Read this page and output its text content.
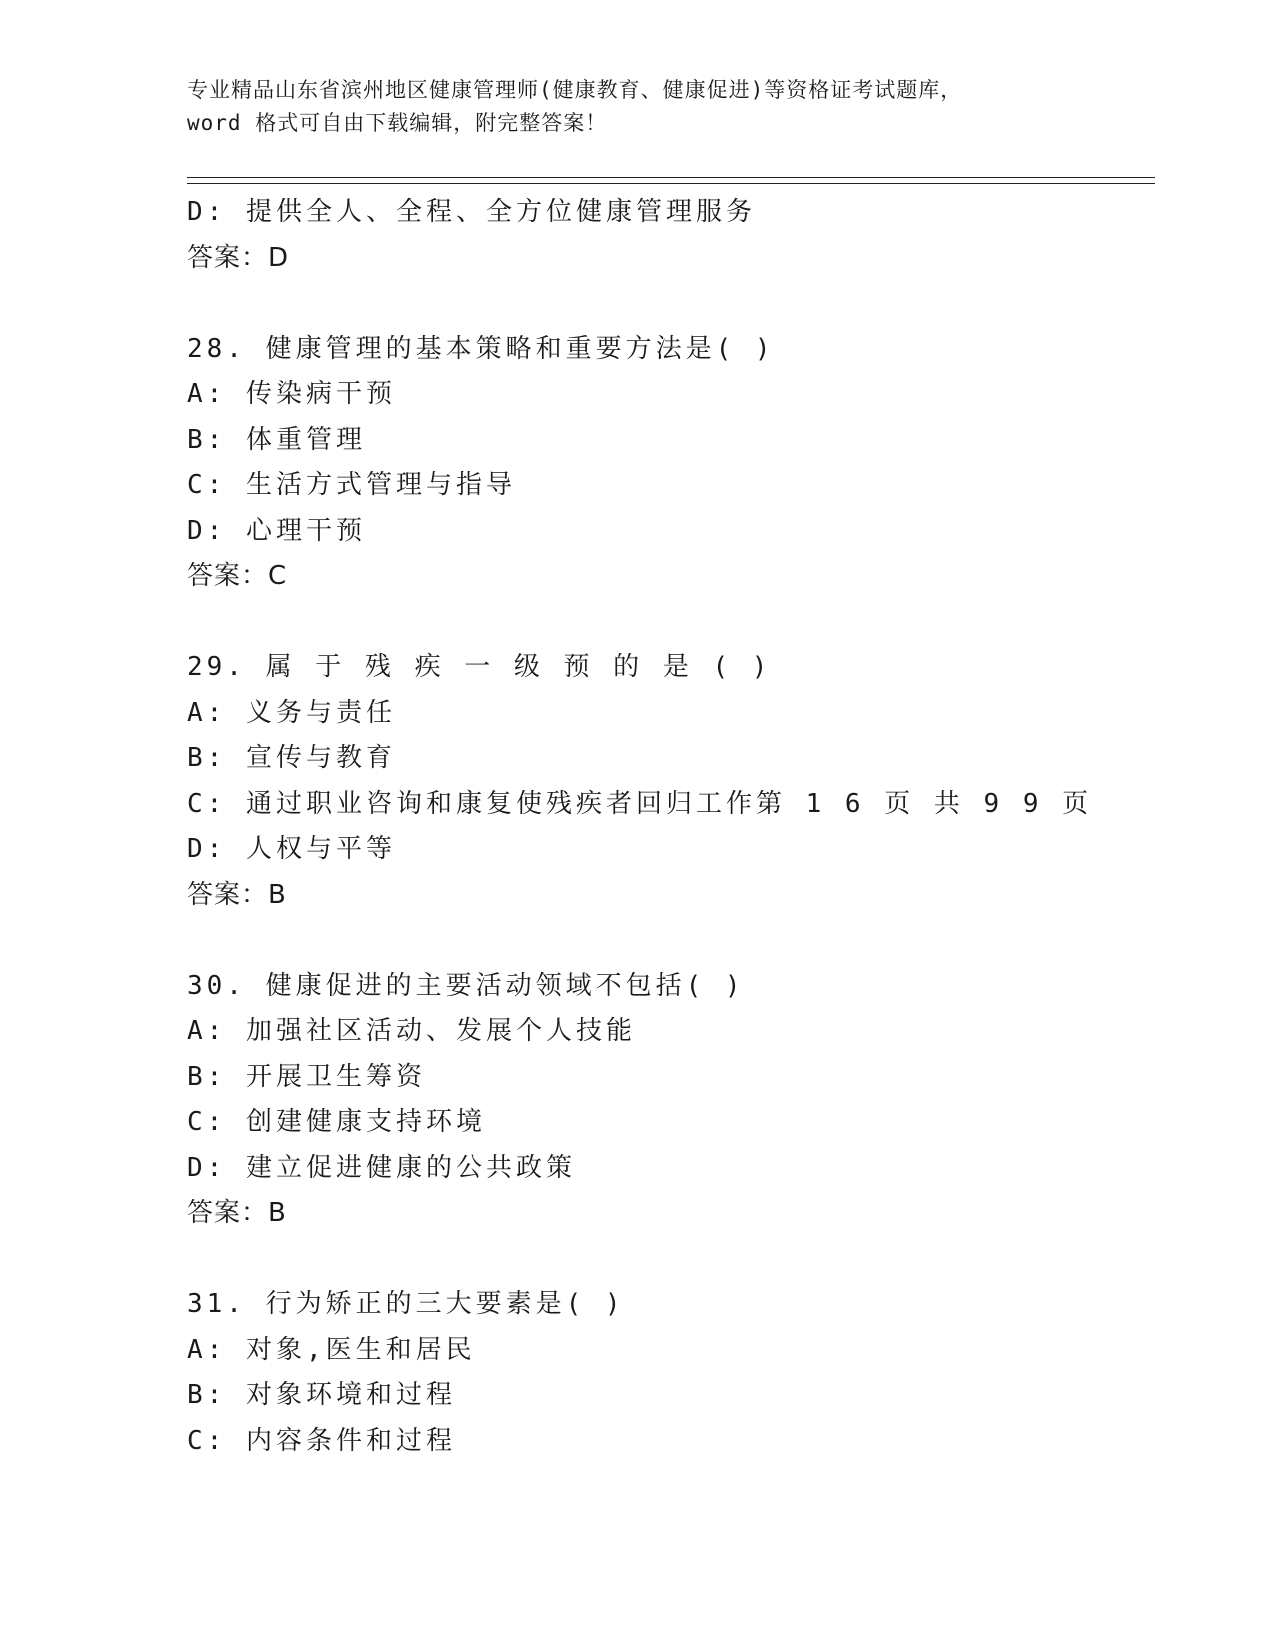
专业精品山东省滨州地区健康管理师(健康教育、健康促进)等资格证考试题库，
word 格式可自由下载编辑，附完整答案！
D: 提供全人、全程、全方位健康管理服务
答案：D
28. 健康管理的基本策略和重要方法是( )
A: 传染病干预
B: 体重管理
C: 生活方式管理与指导
D: 心理干预
答案：C
29. 属 于 残 疾 一 级 预 的 是 ( )
A: 义务与责任
B: 宣传与教育
C: 通过职业咨询和康复使残疾者回归工作第 1 6 页 共 9 9 页
D: 人权与平等
答案：B
30. 健康促进的主要活动领域不包括( )
A: 加强社区活动、发展个人技能
B: 开展卫生筹资
C: 创建健康支持环境
D: 建立促进健康的公共政策
答案：B
31. 行为矫正的三大要素是( )
A: 对象,医生和居民
B: 对象环境和过程
C: 内容条件和过程
